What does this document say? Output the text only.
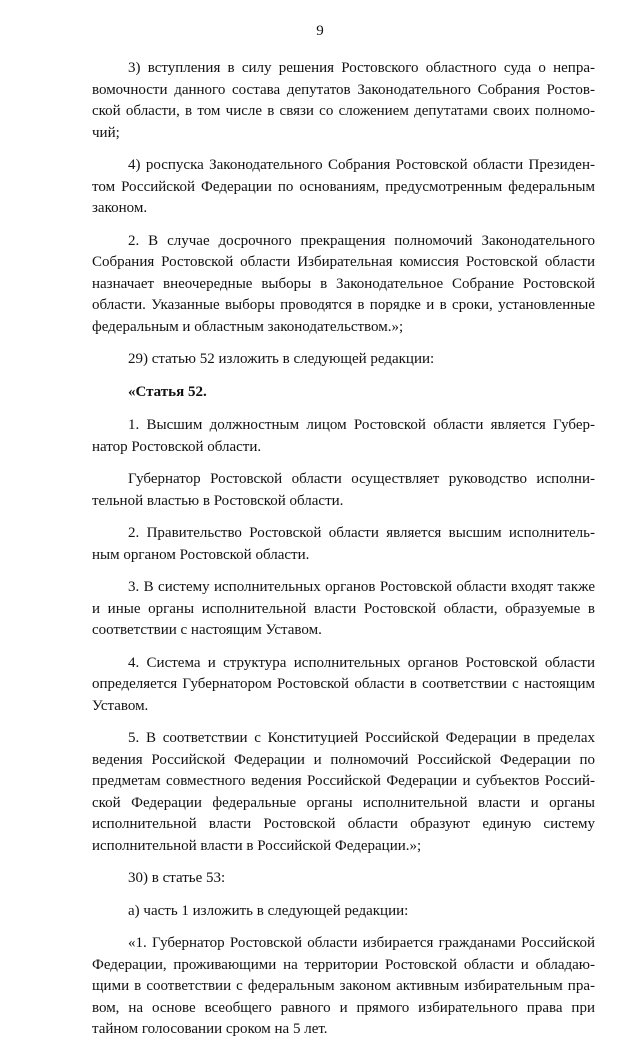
9

3) вступления в силу решения Ростовского областного суда о неправомочности данного состава депутатов Законодательного Собрания Ростовской области, в том числе в связи со сложением депутатами своих полномочий;

4) роспуска Законодательного Собрания Ростовской области Президентом Российской Федерации по основаниям, предусмотренным федеральным законом.

2. В случае досрочного прекращения полномочий Законодательного Собрания Ростовской области Избирательная комиссия Ростовской области назначает внеочередные выборы в Законодательное Собрание Ростовской области. Указанные выборы проводятся в порядке и в сроки, установленные федеральным и областным законодательством.»;

29) статью 52 изложить в следующей редакции:

«Статья 52.

1. Высшим должностным лицом Ростовской области является Губернатор Ростовской области.

Губернатор Ростовской области осуществляет руководство исполнительной властью в Ростовской области.

2. Правительство Ростовской области является высшим исполнительным органом Ростовской области.

3. В систему исполнительных органов Ростовской области входят также и иные органы исполнительной власти Ростовской области, образуемые в соответствии с настоящим Уставом.

4. Система и структура исполнительных органов Ростовской области определяется Губернатором Ростовской области в соответствии с настоящим Уставом.

5. В соответствии с Конституцией Российской Федерации в пределах ведения Российской Федерации и полномочий Российской Федерации по предметам совместного ведения Российской Федерации и субъектов Российской Федерации федеральные органы исполнительной власти и органы исполнительной власти Ростовской области образуют единую систему исполнительной власти в Российской Федерации.»;

30) в статье 53:

а) часть 1 изложить в следующей редакции:

«1. Губернатор Ростовской области избирается гражданами Российской Федерации, проживающими на территории Ростовской области и обладающими в соответствии с федеральным законом активным избирательным правом, на основе всеобщего равного и прямого избирательного права при тайном голосовании сроком на 5 лет.
